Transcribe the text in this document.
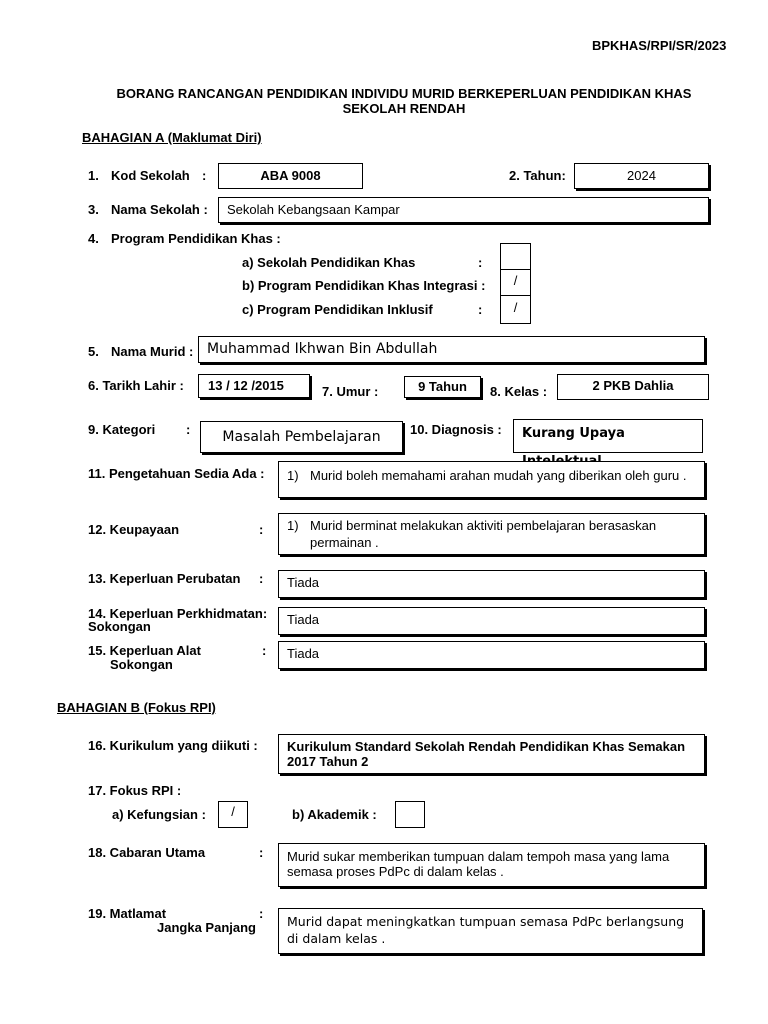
BPKHAS/RPI/SR/2023
BORANG RANCANGAN PENDIDIKAN INDIVIDU MURID BERKEPERLUAN PENDIDIKAN KHAS
SEKOLAH RENDAH
BAHAGIAN A (Maklumat Diri)
1. Kod Sekolah :	ABA 9008	2. Tahun:	2024
3. Nama Sekolah :	Sekolah Kebangsaan Kampar
4. Program Pendidikan Khas :
a) Sekolah Pendidikan Khas	:
b) Program Pendidikan Khas Integrasi :	/
c) Program Pendidikan Inklusif	:	/
5. Nama Murid : Muhammad Ikhwan Bin Abdullah
6. Tarikh Lahir :	13 / 12 /2015	7. Umur :	9 Tahun	8. Kelas :	2 PKB Dahlia
9. Kategori :	Masalah Pembelajaran	10. Diagnosis :	Kurang Upaya
11. Pengetahuan Sedia Ada : 1) Murid boleh memahami arahan mudah yang diberikan oleh guru .
12. Keupayaan	: 1) Murid berminat melakukan aktiviti pembelajaran berasaskan
permainan .
13. Keperluan Perubatan :	Tiada
14. Keperluan Perkhidmatan:
Sokongan	Tiada
15. Keperluan Alat
Sokongan
:	Tiada
BAHAGIAN B (Fokus RPI)
16. Kurikulum yang diikuti : Kurikulum Standard Sekolah Rendah Pendidikan Khas Semakan
2017 Tahun 2
17. Fokus RPI :
a) Kefungsian :	/	b) Akademik :
18. Cabaran Utama	: Murid sukar memberikan tumpuan dalam tempoh masa yang lama
semasa proses PdPc di dalam kelas .
19. Matlamat
Jangka Panjang
:
Murid dapat meningkatkan tumpuan semasa PdPc berlangsung
di dalam kelas .
